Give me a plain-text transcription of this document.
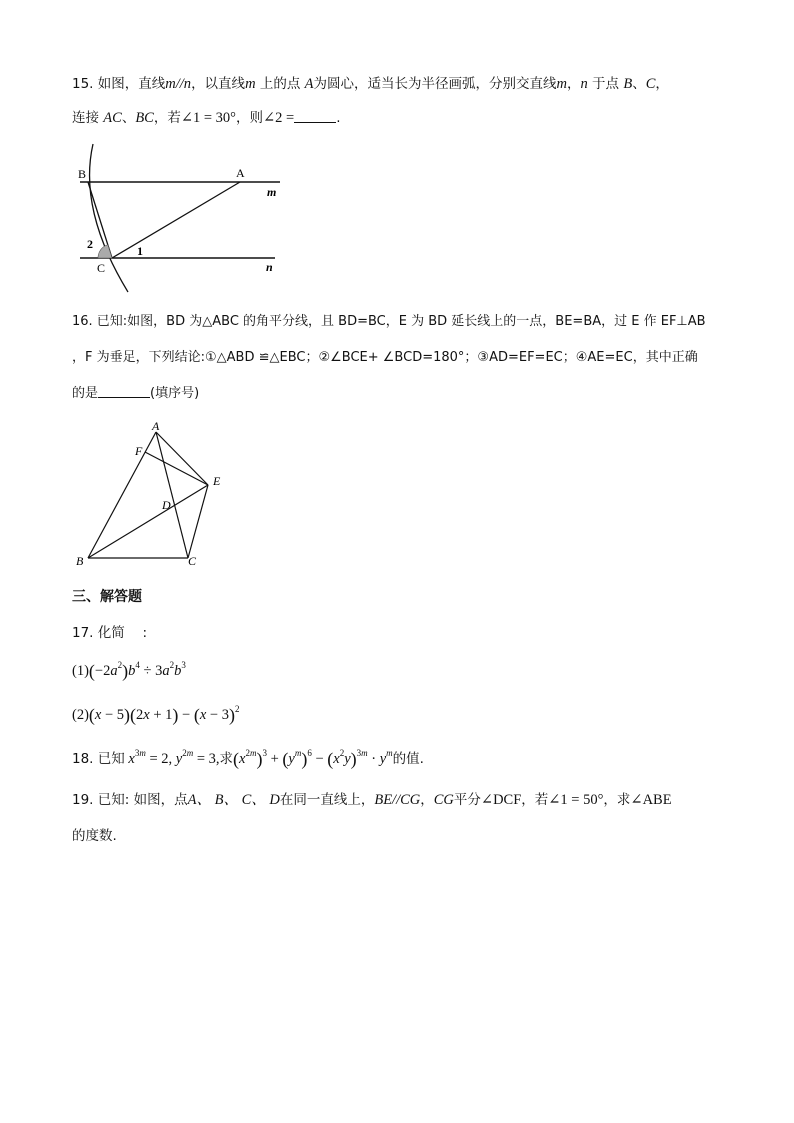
15. 如图，直线m//n，以直线m 上的点 A为圆心，适当长为半径画弧，分别交直线m，n 于点 B、C，
连接 AC、BC，若∠1 = 30°，则∠2 =	.
B	A
m
n
C
2	1
16. 已知:如图，BD 为△ABC 的角平分线，且 BD=BC，E 为 BD 延长线上的一点，BE=BA，过 E 作 EF⊥AB
，F 为垂足，下列结论:①△ABD ≌△EBC；②∠BCE+ ∠BCD=180°；③AD=EF=EC；④AE=EC，其中正确
的是	(填序号)
A
F
E
D
B	C
三、解答题
17. 化简　 :
$(1)(-2a^2)b^4 \div 3a^2b^3$
$(2)(x - 5)(2x + 1) - (x - 3)^2$
18. 已知 $x^{3m} = 2$, $y^{2m} = 3$,求$(x^{2m})^3 + (y^m)^6 - (x^2y)^{3m} \cdot y^m$的值.
19. 已知: 如图，点A、 B、 C、 D在同一直线上，BE//CG，CG平分∠DCF，若∠1 = 50°，求∠ABE
的度数.
